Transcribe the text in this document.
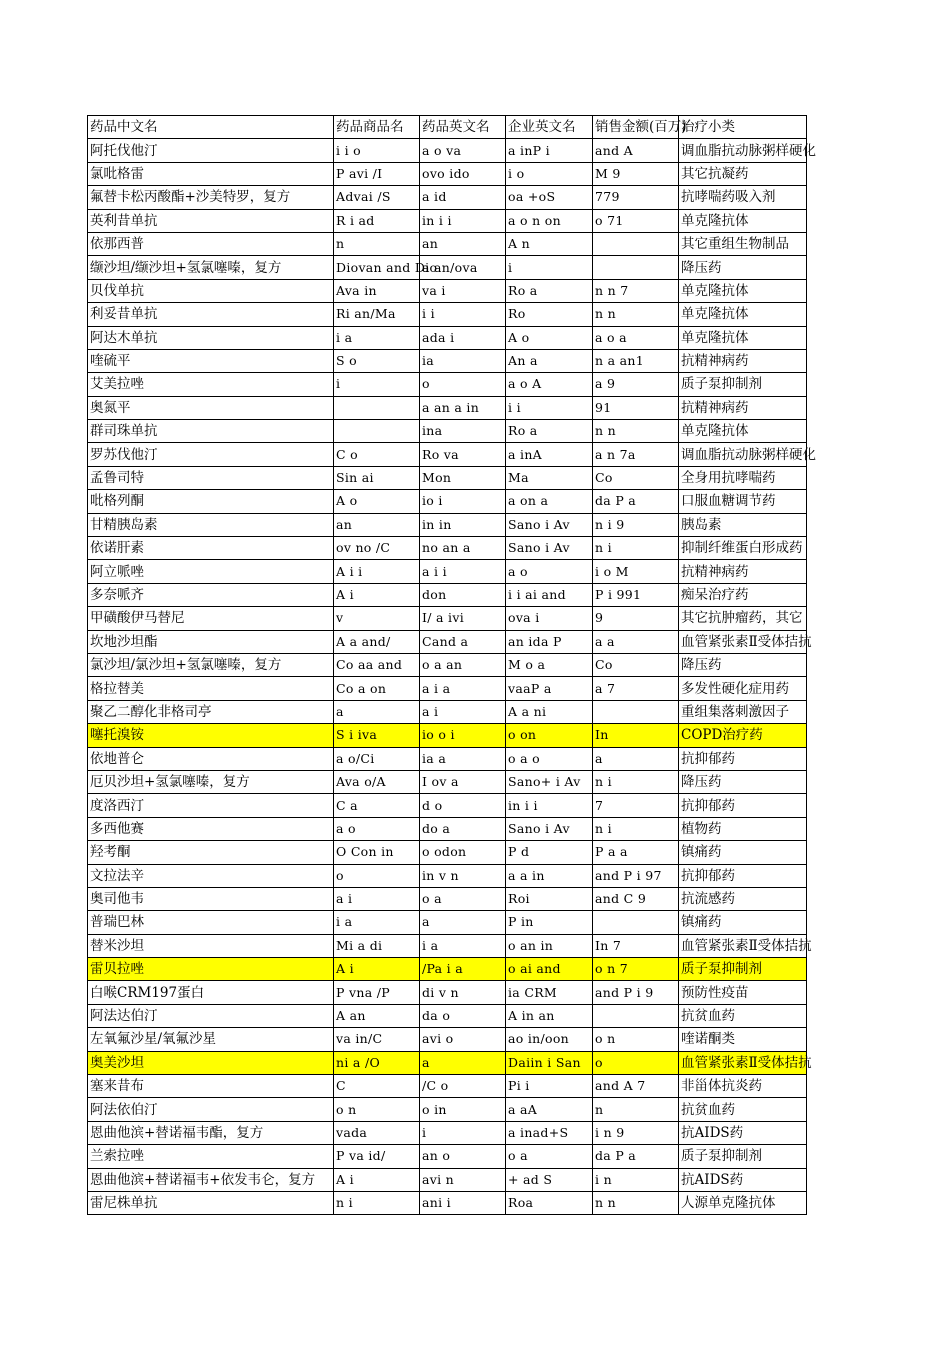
药品中文名	药品商品名	药品英文名	企业英文名	销售金额(百万)	治疗小类
阿托伐他汀	i i o	a o va	a inP i	and A	调血脂抗动脉粥样硬化
氯吡格雷	P avi /I	ovo ido	i o	M 9	其它抗凝药
氟替卡松丙酸酯+沙美特罗，复方	Advai /S	a id	oa +oS	779	抗哮喘药吸入剂
英利昔单抗	R i ad	in i i	a o n on	o 71	单克隆抗体
依那西普	n	an	A n		其它重组生物制品
缬沙坦/缬沙坦+氢氯噻嗪，复方	Diovan and Dio	a an/ova	i		降压药
贝伐单抗	Ava in	va i	Ro a	n n 7	单克隆抗体
利妥昔单抗	Ri an/Ma	i i	Ro	n n	单克隆抗体
阿达木单抗	i a	ada i	A o	a o a	单克隆抗体
喹硫平	S o	ia	An a	n a an1	抗精神病药
艾美拉唑	i	o	a o A	a 9	质子泵抑制剂
奥氮平		a an a in	i i	91	抗精神病药
群司珠单抗		ina	Ro a	n n	单克隆抗体
罗苏伐他汀	C o	Ro va	a inA	a n 7a	调血脂抗动脉粥样硬化
孟鲁司特	Sin ai	Mon	Ma	Co	全身用抗哮喘药
吡格列酮	A o	io i	a on a	da P a	口服血糖调节药
甘精胰岛素	an	in in	Sano i Av	n i 9	胰岛素
依诺肝素	ov no /C	no an a	Sano i Av	n i	抑制纤维蛋白形成药
阿立哌唑	A i i	a i i	a o	i o M	抗精神病药
多奈哌齐	A i	don	i i ai and	P i 991	痴呆治疗药
甲磺酸伊马替尼	v	I/ a ivi	ova i	9	其它抗肿瘤药，其它
坎地沙坦酯	A a and/	Cand a	an ida P	a a	血管紧张素Ⅱ受体拮抗
氯沙坦/氯沙坦+氢氯噻嗪，复方	Co aa and	o a an	M o a	Co	降压药
格拉替美	Co a on	a i a	vaaP a	a 7	多发性硬化症用药
聚乙二醇化非格司亭	a	a i	A a ni		重组集落刺激因子
噻托溴铵	S i iva	io o i	o on	In	COPD治疗药
依地普仑	a o/Ci	ia a	o a o	a	抗抑郁药
厄贝沙坦+氢氯噻嗪，复方	Ava o/A	I ov a	Sano+ i Av	n i	降压药
度洛西汀	C a	d o	in i i	7	抗抑郁药
多西他赛	a o	do a	Sano i Av	n i	植物药
羟考酮	O Con in	o odon	P d	P a a	镇痛药
文拉法辛	o	in v n	a a in	and P i 97	抗抑郁药
奥司他韦	a i	o a	Roi	and C 9	抗流感药
普瑞巴林	i a	a	P in		镇痛药
替米沙坦	Mi a di	i a	o an in	In 7	血管紧张素Ⅱ受体拮抗
雷贝拉唑	A i	/Pa i a	o ai and	o n 7	质子泵抑制剂
白喉CRM197蛋白	P vna /P	di v n	ia CRM	and P i 9	预防性疫苗
阿法达伯汀	A an	da o	A in an		抗贫血药
左氧氟沙星/氧氟沙星	va in/C	avi o	ao in/oon	o n	喹诺酮类
奥美沙坦	ni a /O	a	Daiin i San	o	血管紧张素Ⅱ受体拮抗
塞来昔布	C	/C o	Pi i	and A 7	非甾体抗炎药
阿法依伯汀	o n	o in	a aA	n	抗贫血药
恩曲他滨+替诺福韦酯，复方	vada	i	a inad+S	i n 9	抗AIDS药
兰索拉唑	P va id/	an o	o a	da P a	质子泵抑制剂
恩曲他滨+替诺福韦+依发韦仑，复方	A i	avi n	+ ad S	i n	抗AIDS药
雷尼株单抗	n i	ani i	Roa	n n	人源单克隆抗体
